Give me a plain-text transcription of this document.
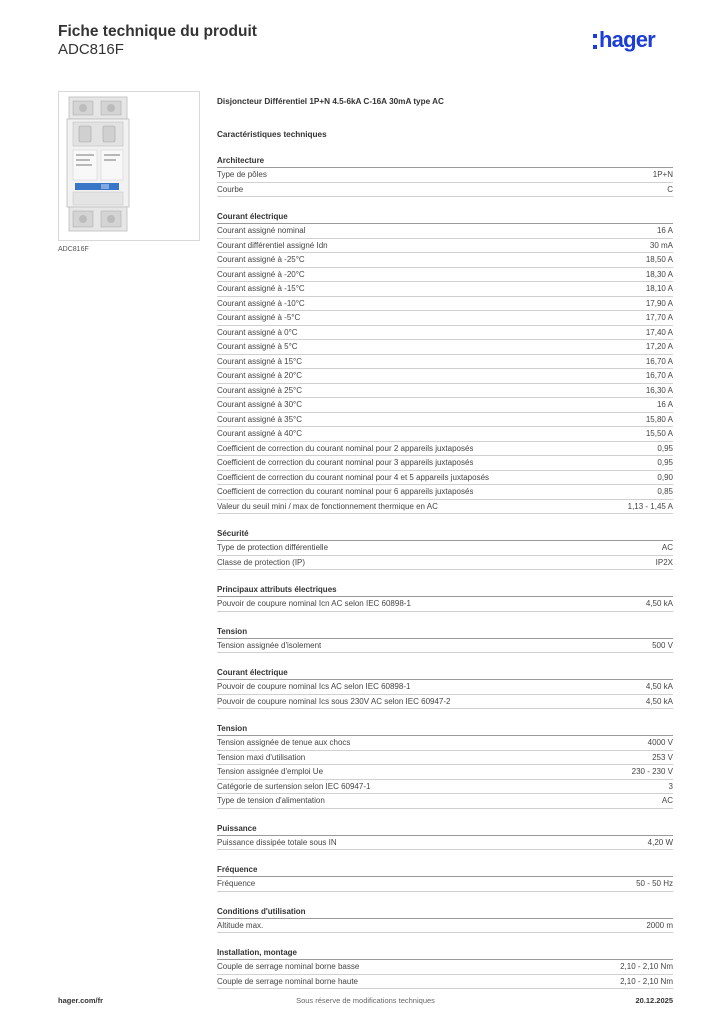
Fiche technique du produit
ADC816F	hager
ADC816F
Disjoncteur Différentiel 1P+N 4.5-6kA C-16A 30mA type AC
Caractéristiques techniques
Architecture
Type de pôles	1P+N
Courbe	C
Courant électrique
Courant assigné nominal	16 A
Courant différentiel assigné Idn	30 mA
Courant assigné à -25°C	18,50 A
Courant assigné à -20°C	18,30 A
Courant assigné à -15°C	18,10 A
Courant assigné à -10°C	17,90 A
Courant assigné à -5°C	17,70 A
Courant assigné à 0°C	17,40 A
Courant assigné à 5°C	17,20 A
Courant assigné à 15°C	16,70 A
Courant assigné à 20°C	16,70 A
Courant assigné à 25°C	16,30 A
Courant assigné à 30°C	16 A
Courant assigné à 35°C	15,80 A
Courant assigné à 40°C	15,50 A
Coefficient de correction du courant nominal pour 2 appareils juxtaposés	0,95
Coefficient de correction du courant nominal pour 3 appareils juxtaposés	0,95
Coefficient de correction du courant nominal pour 4 et 5 appareils juxtaposés	0,90
Coefficient de correction du courant nominal pour 6 appareils juxtaposés	0,85
Valeur du seuil mini / max de fonctionnement thermique en AC	1,13 - 1,45 A
Sécurité
Type de protection différentielle	AC
Classe de protection (IP)	IP2X
Principaux attributs électriques
Pouvoir de coupure nominal Icn AC selon IEC 60898-1	4,50 kA
Tension
Tension assignée d'isolement	500 V
Courant électrique
Pouvoir de coupure nominal Ics AC selon IEC 60898-1	4,50 kA
Pouvoir de coupure nominal Ics sous 230V AC selon IEC 60947-2	4,50 kA
Tension
Tension assignée de tenue aux chocs	4000 V
Tension maxi d'utilisation	253 V
Tension assignée d'emploi Ue	230 - 230 V
Catégorie de surtension selon IEC 60947-1	3
Type de tension d'alimentation	AC
Puissance
Puissance dissipée totale sous IN	4,20 W
Fréquence
Fréquence	50 - 50 Hz
Conditions d'utilisation
Altitude max.	2000 m
Installation, montage
Couple de serrage nominal borne basse	2,10 - 2,10 Nm
Couple de serrage nominal borne haute	2,10 - 2,10 Nm
hager.com/fr	Sous réserve de modifications techniques	20.12.2025
